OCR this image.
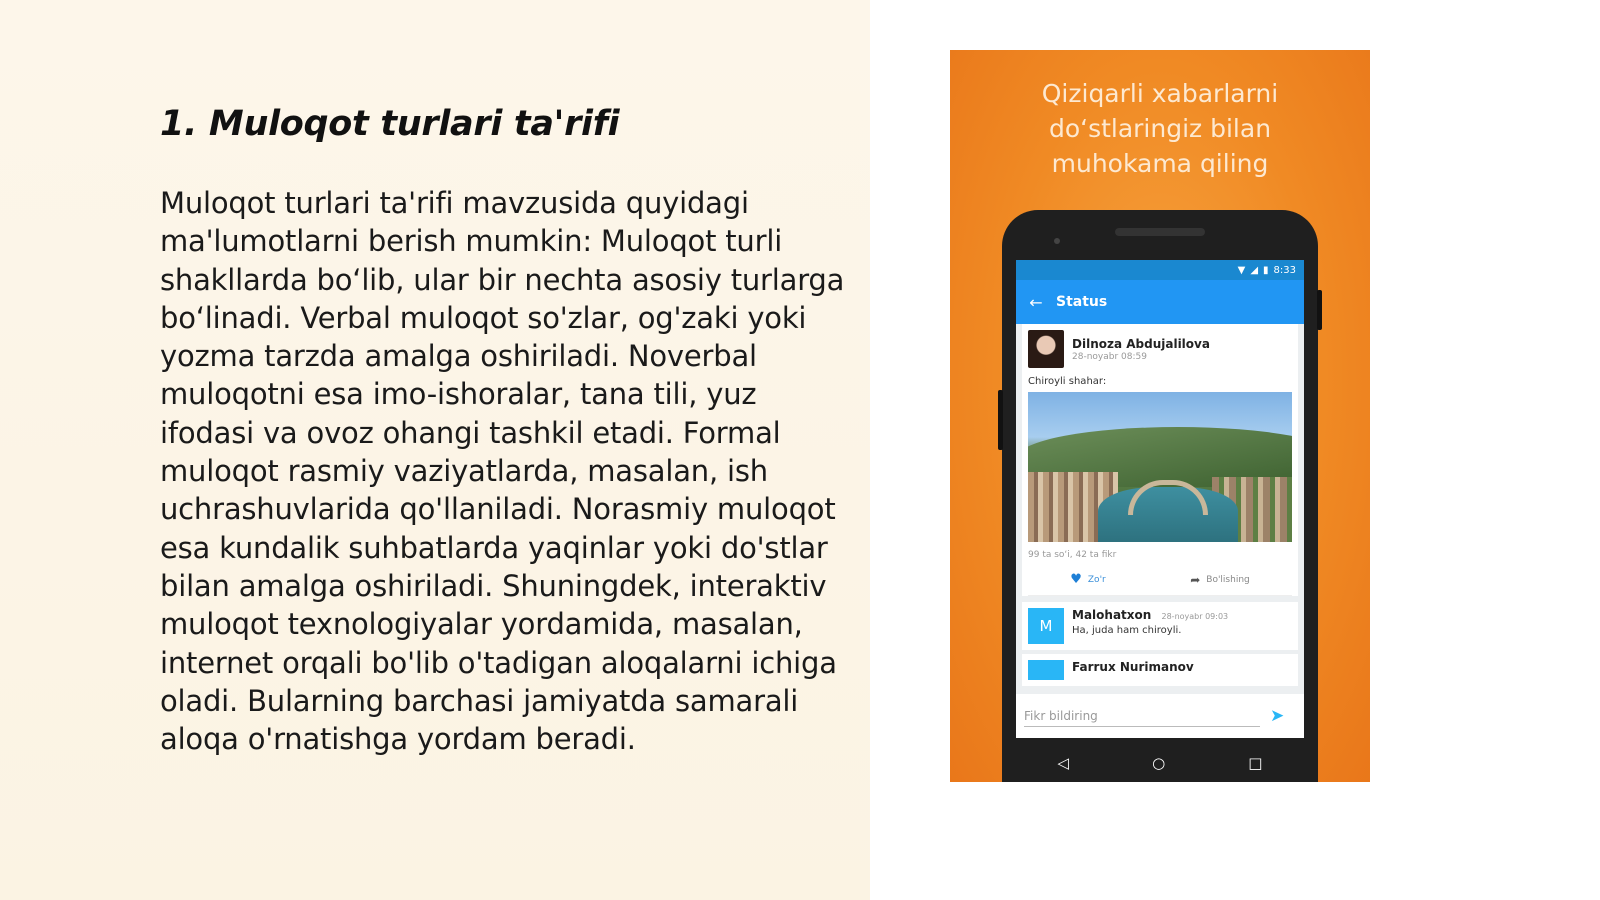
1. Muloqot turlari ta'rifi

Muloqot turlari ta'rifi mavzusida quyidagi ma'lumotlarni berish mumkin: Muloqot turli shakllarda bo‘lib, ular bir nechta asosiy turlarga bo‘linadi. Verbal muloqot so'zlar, og'zaki yoki yozma tarzda amalga oshiriladi. Noverbal muloqotni esa imo-ishoralar, tana tili, yuz ifodasi va ovoz ohangi tashkil etadi. Formal muloqot rasmiy vaziyatlarda, masalan, ish uchrashuvlarida qo'llaniladi. Norasmiy muloqot esa kundalik suhbatlarda yaqinlar yoki do'stlar bilan amalga oshiriladi. Shuningdek, interaktiv muloqot texnologiyalar yordamida, masalan, internet orqali bo'lib o'tadigan aloqalarni ichiga oladi. Bularning barchasi jamiyatda samarali aloqa o'rnatishga yordam beradi.

Qiziqarli xabarlarni
do‘stlaringiz bilan
muhokama qiling

▼ ◢ ▮ 8:33
← Status
Dilnoza Abdujalilova
28-noyabr 08:59
Chiroyli shahar:
99 ta so‘i, 42 ta fikr
♥ Zo'r	➦ Bo'lishing
M
Malohatxon 28-noyabr 09:03
Ha, juda ham chiroyli.
Farrux Nurimanov
Fikr bildiring
➤
◁	○	□
